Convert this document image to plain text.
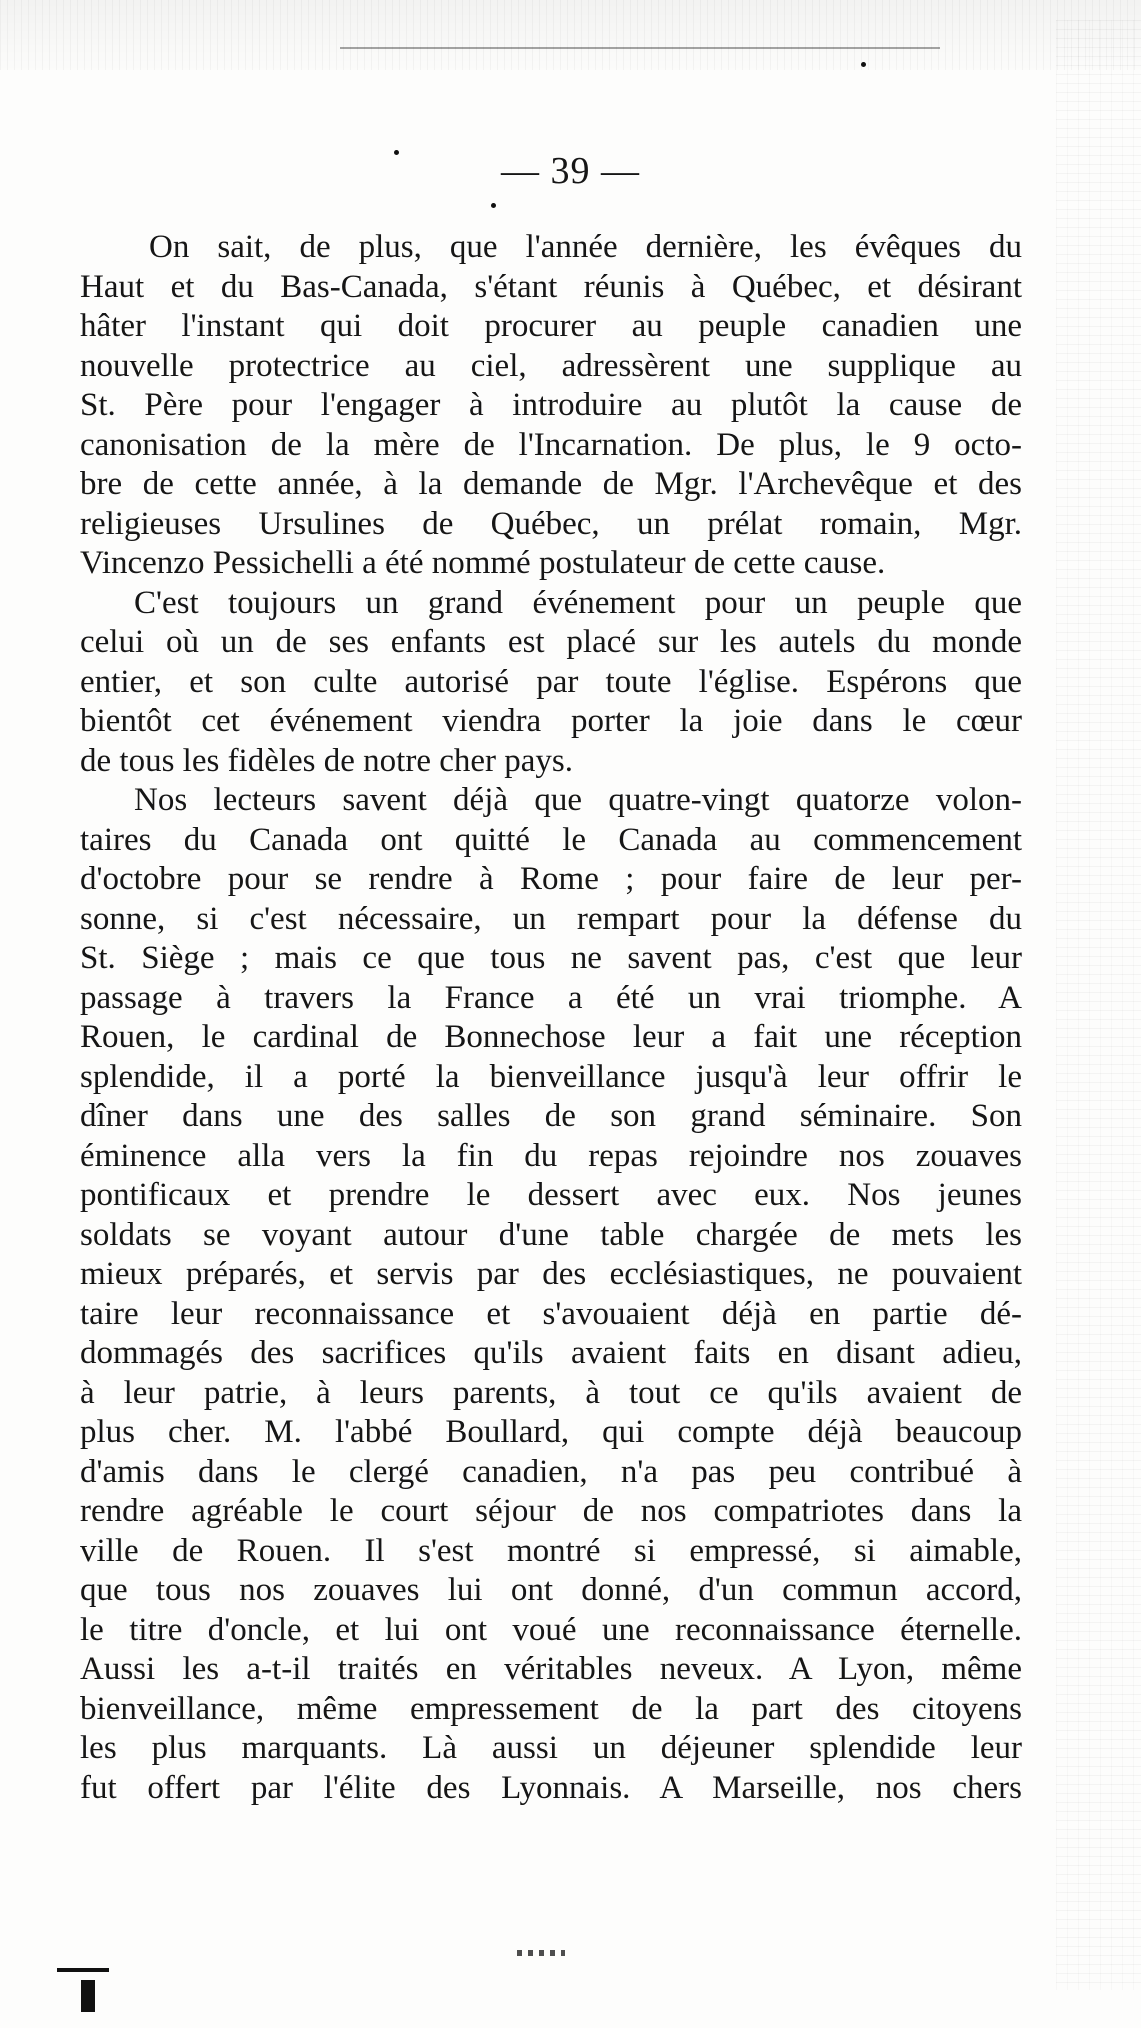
— 39 —
On sait, de plus, que l'année dernière, les évêques du
Haut et du Bas-Canada, s'étant réunis à Québec, et désirant
hâter l'instant qui doit procurer au peuple canadien une
nouvelle protectrice au ciel, adressèrent une supplique au
St. Père pour l'engager à introduire au plutôt la cause de
canonisation de la mère de l'Incarnation. De plus, le 9 octo-
bre de cette année, à la demande de Mgr. l'Archevêque et des
religieuses Ursulines de Québec, un prélat romain, Mgr.
Vincenzo Pessichelli a été nommé postulateur de cette cause.
C'est toujours un grand événement pour un peuple que
celui où un de ses enfants est placé sur les autels du monde
entier, et son culte autorisé par toute l'église. Espérons que
bientôt cet événement viendra porter la joie dans le cœur
de tous les fidèles de notre cher pays.
Nos lecteurs savent déjà que quatre-vingt quatorze volon-
taires du Canada ont quitté le Canada au commencement
d'octobre pour se rendre à Rome ; pour faire de leur per-
sonne, si c'est nécessaire, un rempart pour la défense du
St. Siège ; mais ce que tous ne savent pas, c'est que leur
passage à travers la France a été un vrai triomphe. A
Rouen, le cardinal de Bonnechose leur a fait une réception
splendide, il a porté la bienveillance jusqu'à leur offrir le
dîner dans une des salles de son grand séminaire. Son
éminence alla vers la fin du repas rejoindre nos zouaves
pontificaux et prendre le dessert avec eux. Nos jeunes
soldats se voyant autour d'une table chargée de mets les
mieux préparés, et servis par des ecclésiastiques, ne pouvaient
taire leur reconnaissance et s'avouaient déjà en partie dé-
dommagés des sacrifices qu'ils avaient faits en disant adieu,
à leur patrie, à leurs parents, à tout ce qu'ils avaient de
plus cher. M. l'abbé Boullard, qui compte déjà beaucoup
d'amis dans le clergé canadien, n'a pas peu contribué à
rendre agréable le court séjour de nos compatriotes dans la
ville de Rouen. Il s'est montré si empressé, si aimable,
que tous nos zouaves lui ont donné, d'un commun accord,
le titre d'oncle, et lui ont voué une reconnaissance éternelle.
Aussi les a-t-il traités en véritables neveux. A Lyon, même
bienveillance, même empressement de la part des citoyens
les plus marquants. Là aussi un déjeuner splendide leur
fut offert par l'élite des Lyonnais. A Marseille, nos chers
